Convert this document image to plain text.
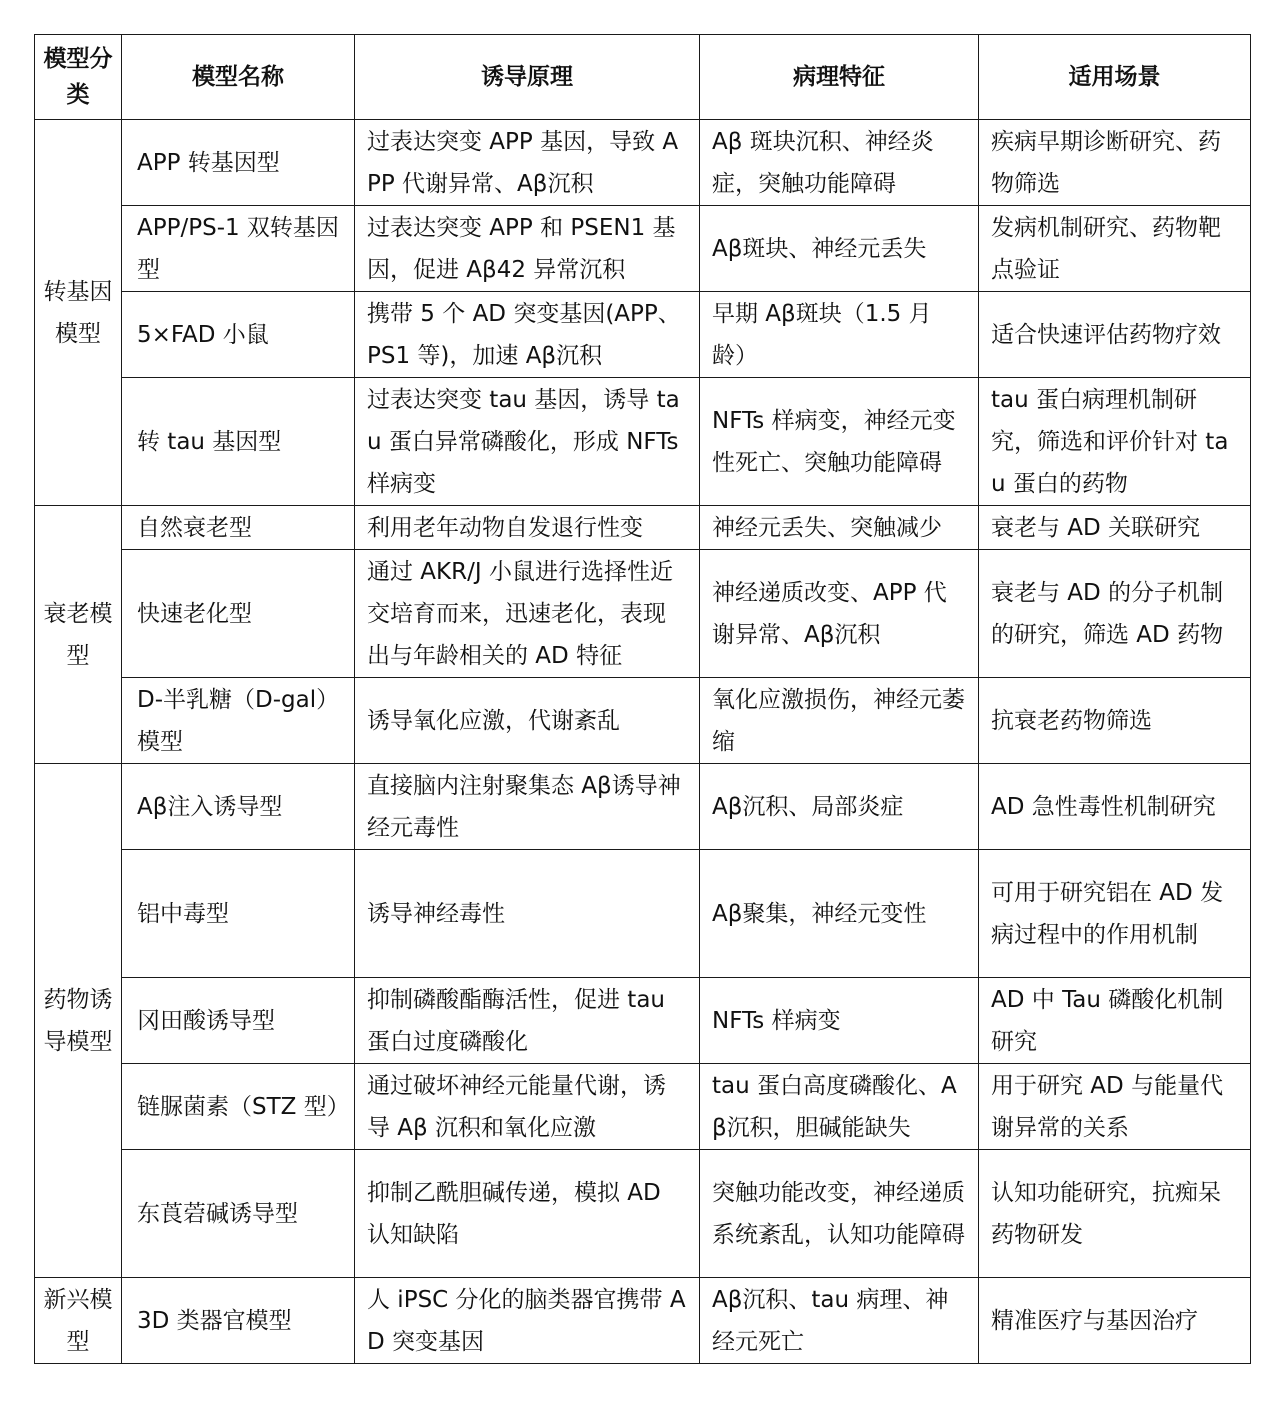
模型分类	模型名称	诱导原理	病理特征	适用场景
转基因模型	APP 转基因型	过表达突变 APP 基因，导致 APP 代谢异常、Aβ沉积	Aβ 斑块沉积、神经炎症，突触功能障碍	疾病早期诊断研究、药物筛选
	APP/PS-1 双转基因型	过表达突变 APP 和 PSEN1 基因，促进 Aβ42 异常沉积	Aβ斑块、神经元丢失	发病机制研究、药物靶点验证
	5×FAD 小鼠	携带 5 个 AD 突变基因(APP、PS1 等)，加速 Aβ沉积	早期 Aβ斑块（1.5 月龄）	适合快速评估药物疗效
	转 tau 基因型	过表达突变 tau 基因，诱导 tau 蛋白异常磷酸化，形成 NFTs 样病变	NFTs 样病变，神经元变性死亡、突触功能障碍	tau 蛋白病理机制研究，筛选和评价针对 tau 蛋白的药物
衰老模型	自然衰老型	利用老年动物自发退行性变	神经元丢失、突触减少	衰老与 AD 关联研究
	快速老化型	通过 AKR/J 小鼠进行选择性近交培育而来，迅速老化，表现出与年龄相关的 AD 特征	神经递质改变、APP 代谢异常、Aβ沉积	衰老与 AD 的分子机制的研究，筛选 AD 药物
	D-半乳糖（D-gal）模型	诱导氧化应激，代谢紊乱	氧化应激损伤，神经元萎缩	抗衰老药物筛选
药物诱导模型	Aβ注入诱导型	直接脑内注射聚集态 Aβ诱导神经元毒性	Aβ沉积、局部炎症	AD 急性毒性机制研究
	铝中毒型	诱导神经毒性	Aβ聚集，神经元变性	可用于研究铝在 AD 发病过程中的作用机制
	冈田酸诱导型	抑制磷酸酯酶活性，促进 tau 蛋白过度磷酸化	NFTs 样病变	AD 中 Tau 磷酸化机制研究
	链脲菌素（STZ 型）	通过破坏神经元能量代谢，诱导 Aβ 沉积和氧化应激	tau 蛋白高度磷酸化、Aβ沉积，胆碱能缺失	用于研究 AD 与能量代谢异常的关系
	东莨菪碱诱导型	抑制乙酰胆碱传递，模拟 AD 认知缺陷	突触功能改变，神经递质系统紊乱，认知功能障碍	认知功能研究，抗痴呆药物研发
新兴模型	3D 类器官模型	人 iPSC 分化的脑类器官携带 AD 突变基因	Aβ沉积、tau 病理、神经元死亡	精准医疗与基因治疗
